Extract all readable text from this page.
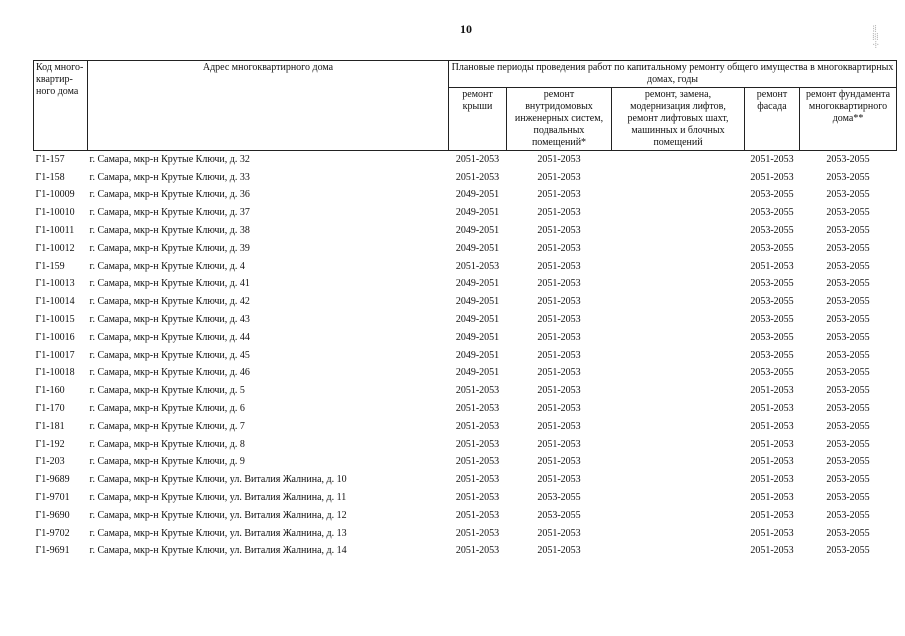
10	⁝⁞
⁞⁝⁞
·⁞·
Код много-квартир-ного дома	Адрес многоквартирного дома	Плановые периоды проведения работ по капитальному ремонту общего имущества в многоквартирных домах, годы				
		ремонт крыши	ремонт внутридомовых инженерных систем, подвальных помещений*	ремонт, замена, модернизация лифтов, ремонт лифтовых шахт, машинных и блочных помещений	ремонт фасада	ремонт фундамента многоквартирного дома**
Г1-157	г. Самара, мкр-н Крутые Ключи, д. 32	2051-2053	2051-2053		2051-2053	2053-2055
Г1-158	г. Самара, мкр-н Крутые Ключи, д. 33	2051-2053	2051-2053		2051-2053	2053-2055
Г1-10009	г. Самара, мкр-н Крутые Ключи, д. 36	2049-2051	2051-2053		2053-2055	2053-2055
Г1-10010	г. Самара, мкр-н Крутые Ключи, д. 37	2049-2051	2051-2053		2053-2055	2053-2055
Г1-10011	г. Самара, мкр-н Крутые Ключи, д. 38	2049-2051	2051-2053		2053-2055	2053-2055
Г1-10012	г. Самара, мкр-н Крутые Ключи, д. 39	2049-2051	2051-2053		2053-2055	2053-2055
Г1-159	г. Самара, мкр-н Крутые Ключи, д. 4	2051-2053	2051-2053		2051-2053	2053-2055
Г1-10013	г. Самара, мкр-н Крутые Ключи, д. 41	2049-2051	2051-2053		2053-2055	2053-2055
Г1-10014	г. Самара, мкр-н Крутые Ключи, д. 42	2049-2051	2051-2053		2053-2055	2053-2055
Г1-10015	г. Самара, мкр-н Крутые Ключи, д. 43	2049-2051	2051-2053		2053-2055	2053-2055
Г1-10016	г. Самара, мкр-н Крутые Ключи, д. 44	2049-2051	2051-2053		2053-2055	2053-2055
Г1-10017	г. Самара, мкр-н Крутые Ключи, д. 45	2049-2051	2051-2053		2053-2055	2053-2055
Г1-10018	г. Самара, мкр-н Крутые Ключи, д. 46	2049-2051	2051-2053		2053-2055	2053-2055
Г1-160	г. Самара, мкр-н Крутые Ключи, д. 5	2051-2053	2051-2053		2051-2053	2053-2055
Г1-170	г. Самара, мкр-н Крутые Ключи, д. 6	2051-2053	2051-2053		2051-2053	2053-2055
Г1-181	г. Самара, мкр-н Крутые Ключи, д. 7	2051-2053	2051-2053		2051-2053	2053-2055
Г1-192	г. Самара, мкр-н Крутые Ключи, д. 8	2051-2053	2051-2053		2051-2053	2053-2055
Г1-203	г. Самара, мкр-н Крутые Ключи, д. 9	2051-2053	2051-2053		2051-2053	2053-2055
Г1-9689	г. Самара, мкр-н Крутые Ключи, ул. Виталия Жалнина, д. 10	2051-2053	2051-2053		2051-2053	2053-2055
Г1-9701	г. Самара, мкр-н Крутые Ключи, ул. Виталия Жалнина, д. 11	2051-2053	2053-2055		2051-2053	2053-2055
Г1-9690	г. Самара, мкр-н Крутые Ключи, ул. Виталия Жалнина, д. 12	2051-2053	2053-2055		2051-2053	2053-2055
Г1-9702	г. Самара, мкр-н Крутые Ключи, ул. Виталия Жалнина, д. 13	2051-2053	2051-2053		2051-2053	2053-2055
Г1-9691	г. Самара, мкр-н Крутые Ключи, ул. Виталия Жалнина, д. 14	2051-2053	2051-2053		2051-2053	2053-2055
